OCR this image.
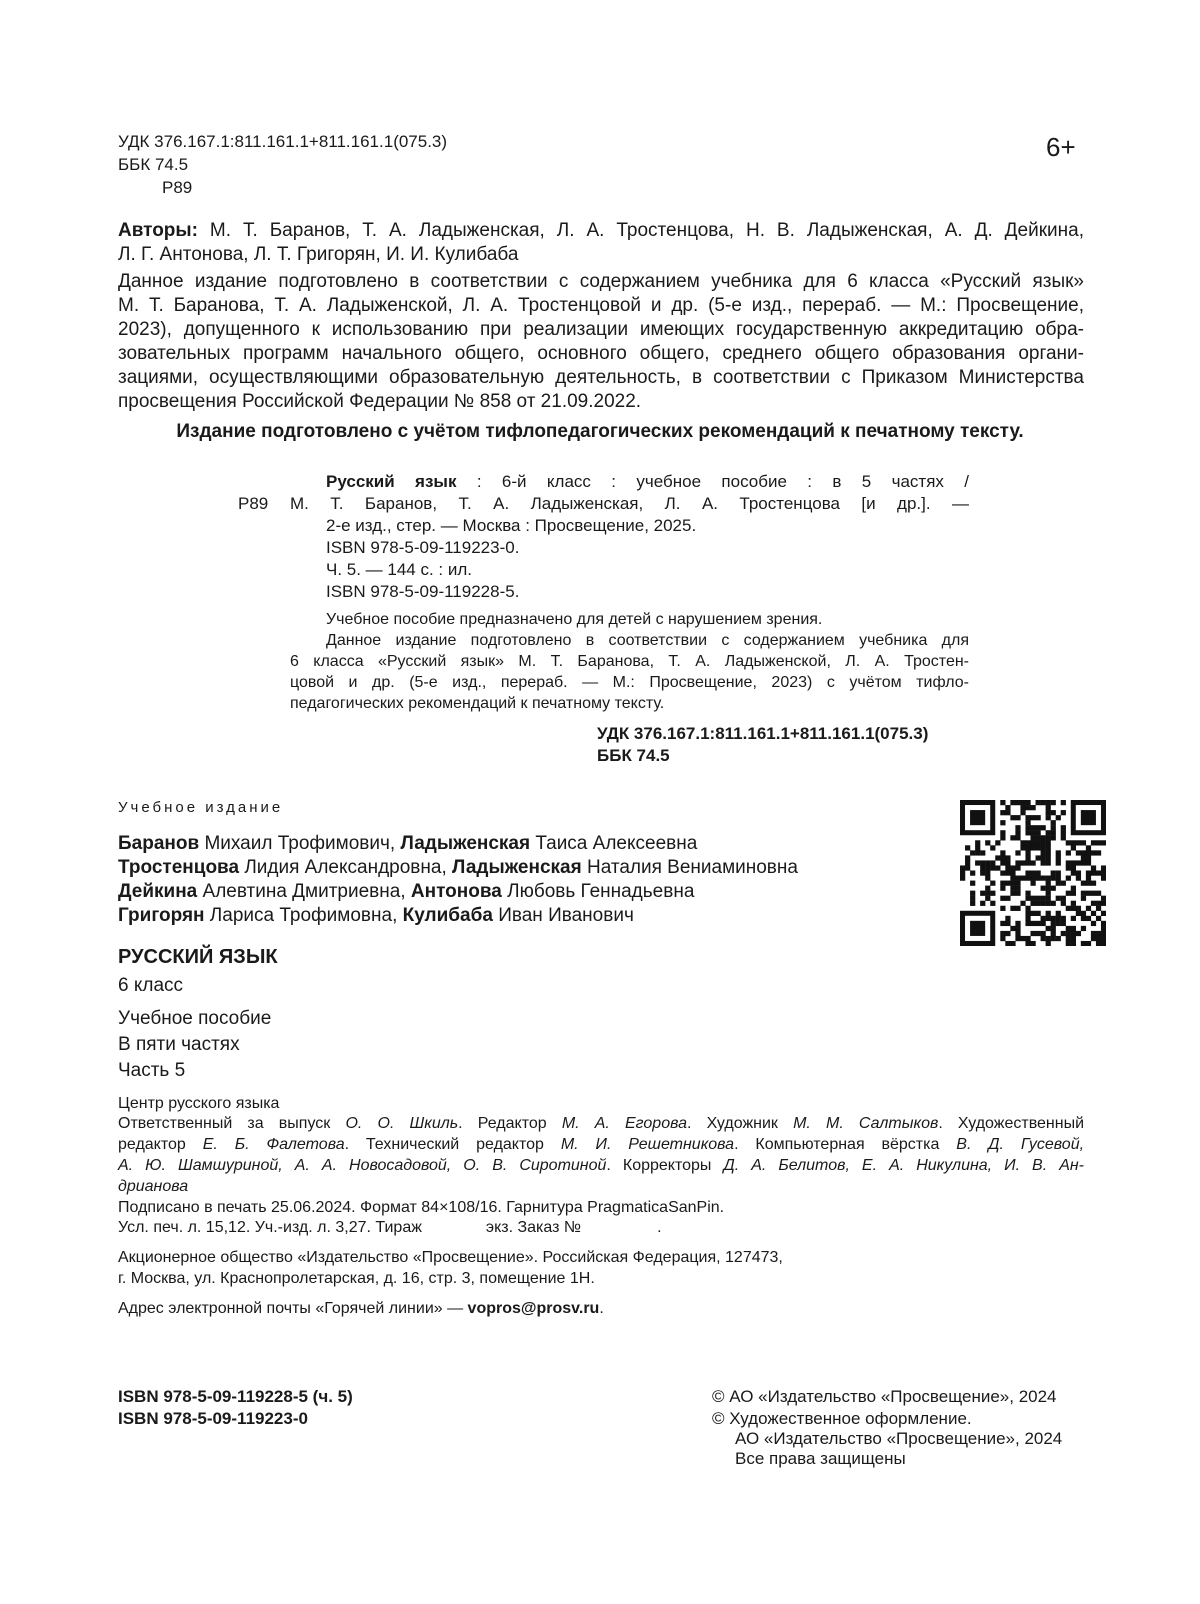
УДК 376.167.1:811.161.1+811.161.1(075.3)
ББК 74.5
Р89
6+
Авторы: М. Т. Баранов, Т. А. Ладыженская, Л. А. Тростенцова, Н. В. Ладыженская, А. Д. Дейкина,
Л. Г. Антонова, Л. Т. Григорян, И. И. Кулибаба
Данное издание подготовлено в соответствии с содержанием учебника для 6 класса «Русский язык»
М. Т. Баранова, Т. А. Ладыженской, Л. А. Тростенцовой и др. (5-е изд., перераб. — М.: Просвещение,
2023), допущенного к использованию при реализации имеющих государственную аккредитацию обра-
зовательных программ начального общего, основного общего, среднего общего образования органи-
зациями, осуществляющими образовательную деятельность, в соответствии с Приказом Министерства
просвещения Российской Федерации № 858 от 21.09.2022.
Издание подготовлено с учётом тифлопедагогических рекомендаций к печатному тексту.
Р89
Русский язык : 6-й класс : учебное пособие : в 5 частях /
М. Т. Баранов, Т. А. Ладыженская, Л. А. Тростенцова [и др.]. —
2-е изд., стер. — Москва : Просвещение, 2025.
ISBN 978-5-09-119223-0.
Ч. 5. — 144 с. : ил.
ISBN 978-5-09-119228-5.
Учебное пособие предназначено для детей с нарушением зрения.
Данное издание подготовлено в соответствии с содержанием учебника для
6 класса «Русский язык» М. Т. Баранова, Т. А. Ладыженской, Л. А. Тростен-
цовой и др. (5-е изд., перераб. — М.: Просвещение, 2023) с учётом тифло-
педагогических рекомендаций к печатному тексту.
УДК 376.167.1:811.161.1+811.161.1(075.3)
ББК 74.5
Учебное издание
Баранов Михаил Трофимович, Ладыженская Таиса Алексеевна
Тростенцова Лидия Александровна, Ладыженская Наталия Вениаминовна
Дейкина Алевтина Дмитриевна, Антонова Любовь Геннадьевна
Григорян Лариса Трофимовна, Кулибаба Иван Иванович
РУССКИЙ ЯЗЫК
6 класс
Учебное пособие
В пяти частях
Часть 5
Центр русского языка
Ответственный за выпуск О. О. Шкиль. Редактор М. А. Егорова. Художник М. М. Салтыков. Художественный
редактор Е. Б. Фалетова. Технический редактор М. И. Решетникова. Компьютерная вёрстка В. Д. Гусевой,
А. Ю. Шамшуриной, А. А. Новосадовой, О. В. Сиротиной. Корректоры Д. А. Белитов, Е. А. Никулина, И. В. Ан-
дрианова
Подписано в печать 25.06.2024. Формат 84×108/16. Гарнитура PragmaticaSanPin.
Усл. печ. л. 15,12. Уч.-изд. л. 3,27. Тираж	экз. Заказ №	.
Акционерное общество «Издательство «Просвещение». Российская Федерация, 127473,
г. Москва, ул. Краснопролетарская, д. 16, стр. 3, помещение 1Н.
Адрес электронной почты «Горячей линии» — vopros@prosv.ru.
ISBN 978-5-09-119228-5 (ч. 5)
ISBN 978-5-09-119223-0
© АО «Издательство «Просвещение», 2024
© Художественное оформление.
АО «Издательство «Просвещение», 2024
Все права защищены
